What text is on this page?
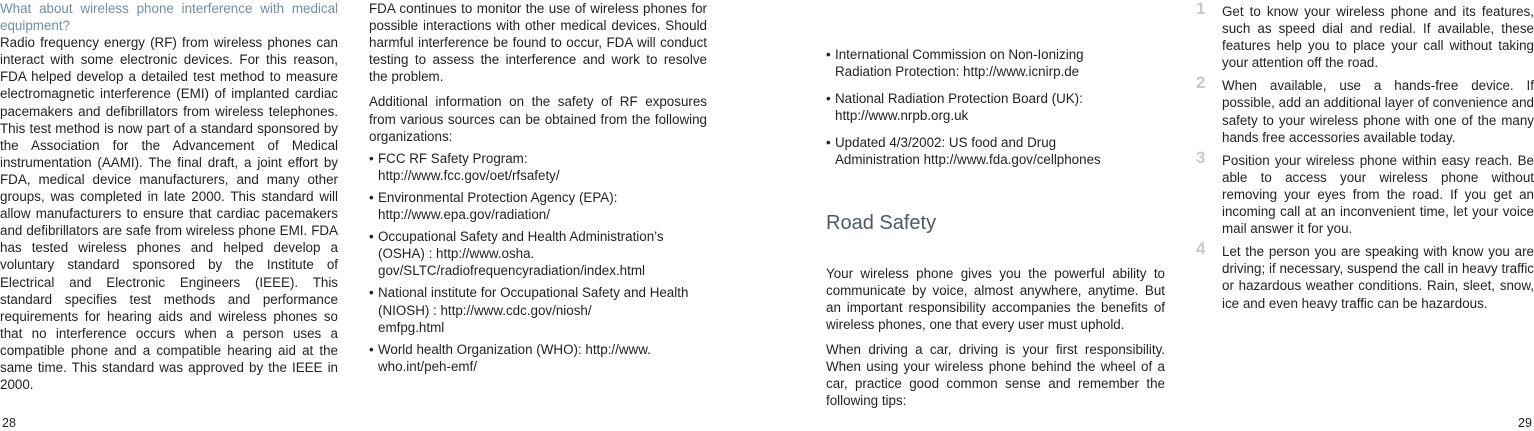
What about wireless phone interference with medical equipment?

Radio frequency energy (RF) from wireless phones can interact with some electronic devices. For this reason, FDA helped develop a detailed test method to measure electromagnetic interference (EMI) of implanted cardiac pacemakers and defibrillators from wireless telephones. This test method is now part of a standard sponsored by the Association for the Advancement of Medical instrumentation (AAMI). The final draft, a joint effort by FDA, medical device manufacturers, and many other groups, was completed in late 2000. This standard will allow manufacturers to ensure that cardiac pacemakers and defibrillators are safe from wireless phone EMI. FDA has tested wireless phones and helped develop a voluntary standard sponsored by the Institute of Electrical and Electronic Engineers (IEEE). This standard specifies test methods and performance requirements for hearing aids and wireless phones so that no interference occurs when a person uses a compatible phone and a compatible hearing aid at the same time. This standard was approved by the IEEE in 2000.

FDA continues to monitor the use of wireless phones for possible interactions with other medical devices. Should harmful interference be found to occur, FDA will conduct testing to assess the interference and work to resolve the problem.

Additional information on the safety of RF exposures from various sources can be obtained from the following organizations:

• FCC RF Safety Program:
http://www.fcc.gov/oet/rfsafety/
• Environmental Protection Agency (EPA):
http://www.epa.gov/radiation/
• Occupational Safety and Health Administration’s (OSHA) : http://www.osha.
gov/SLTC/radiofrequencyradiation/index.html
• National institute for Occupational Safety and Health (NIOSH) : http://www.cdc.gov/niosh/
emfpg.html
• World health Organization (WHO): http://www.
who.int/peh-emf/
• International Commission on Non-Ionizing
Radiation Protection: http://www.icnirp.de
• National Radiation Protection Board (UK):
http://www.nrpb.org.uk
• Updated 4/3/2002: US food and Drug
Administration http://www.fda.gov/cellphones
Road Safety

Your wireless phone gives you the powerful ability to communicate by voice, almost anywhere, anytime. But an important responsibility accompanies the benefits of wireless phones, one that every user must uphold.

When driving a car, driving is your first responsibility. When using your wireless phone behind the wheel of a car, practice good common sense and remember the following tips:

1 Get to know your wireless phone and its features, such as speed dial and redial. If available, these features help you to place your call without taking your attention off the road.
2 When available, use a hands-free device. If possible, add an additional layer of convenience and safety to your wireless phone with one of the many hands free accessories available today.
3 Position your wireless phone within easy reach. Be able to access your wireless phone without removing your eyes from the road. If you get an incoming call at an inconvenient time, let your voice mail answer it for you.
4 Let the person you are speaking with know you are driving; if necessary, suspend the call in heavy traffic or hazardous weather conditions. Rain, sleet, snow, ice and even heavy traffic can be hazardous.
28	29
